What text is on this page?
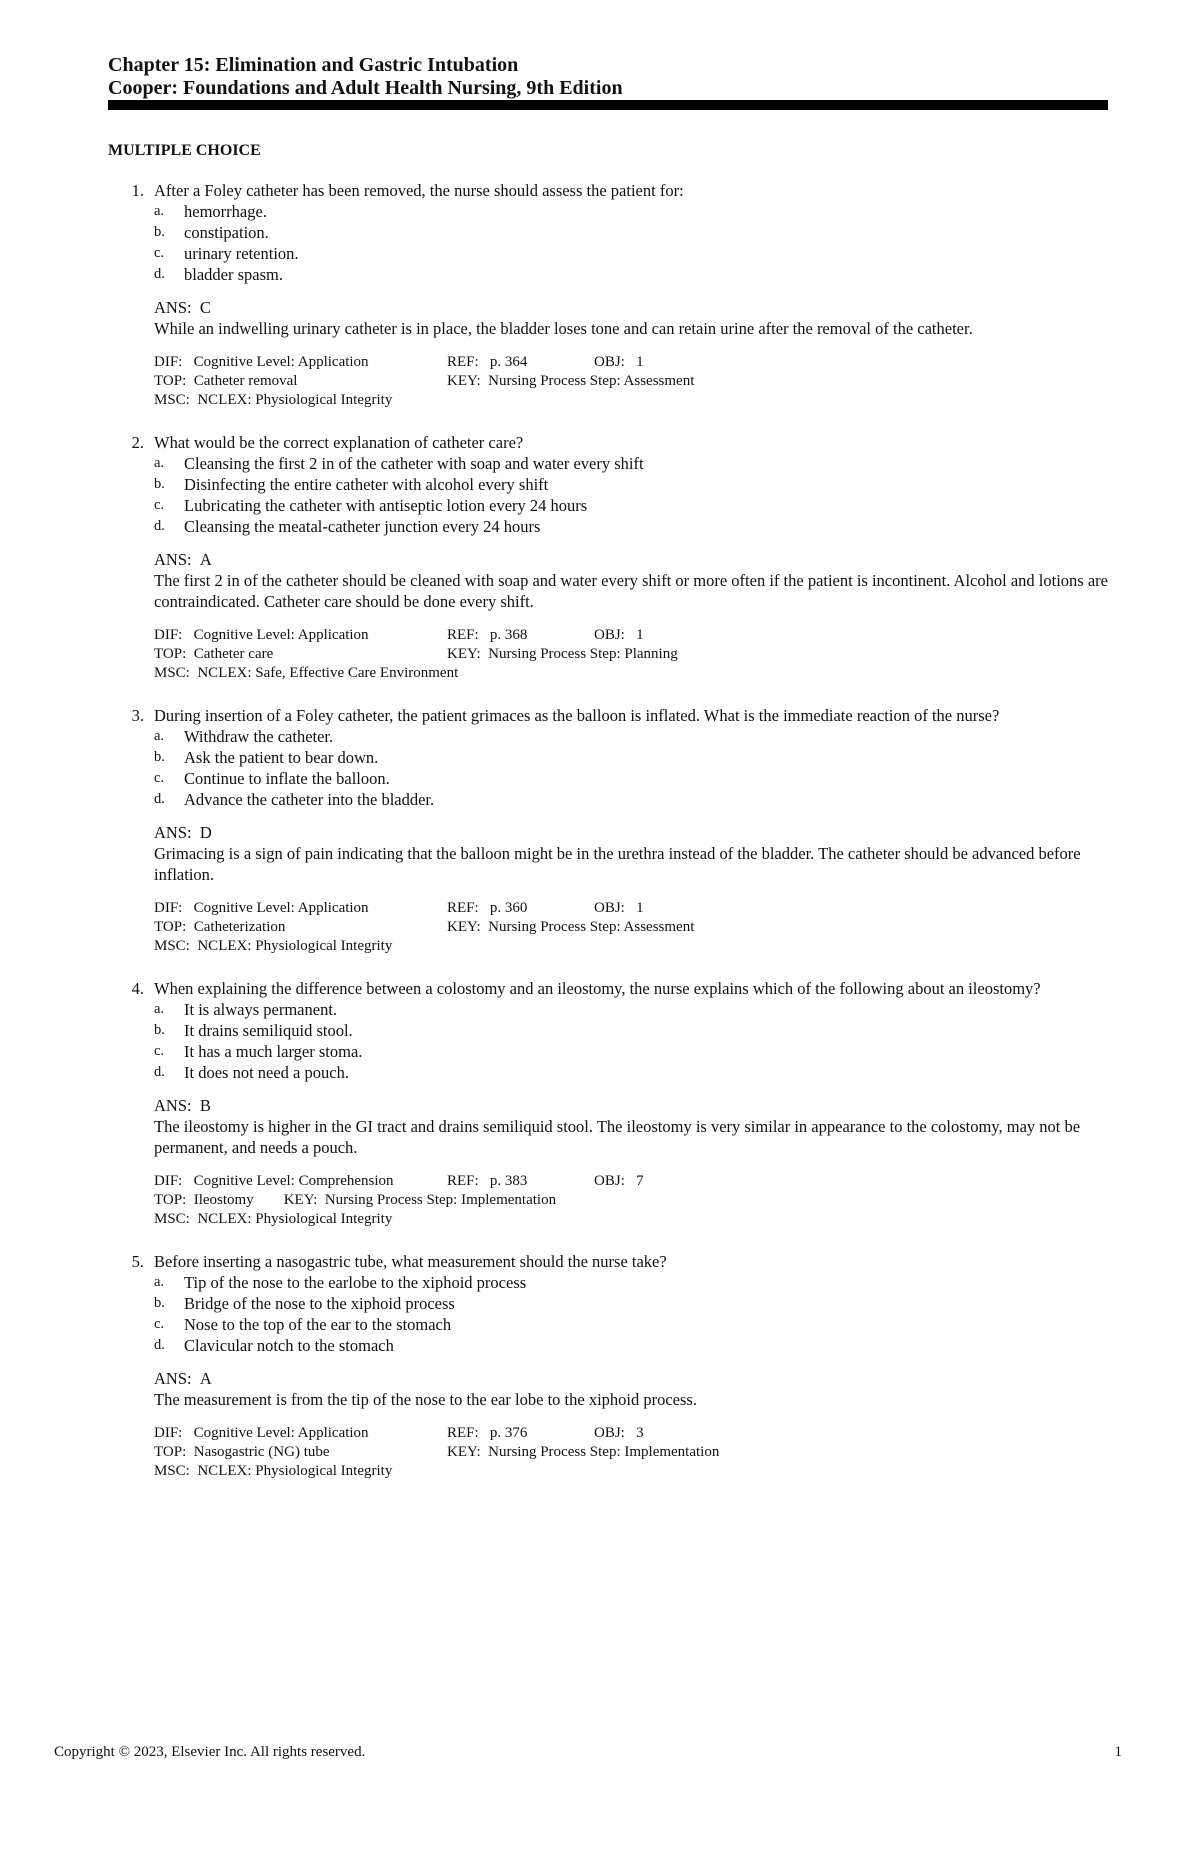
Chapter 15: Elimination and Gastric Intubation
Cooper: Foundations and Adult Health Nursing, 9th Edition
MULTIPLE CHOICE
1. After a Foley catheter has been removed, the nurse should assess the patient for:
a.	hemorrhage.
b.	constipation.
c.	urinary retention.
d.	bladder spasm.
ANS:  C
While an indwelling urinary catheter is in place, the bladder loses tone and can retain urine after the removal of the catheter.
DIF:   Cognitive Level: Application	REF:   p. 364	OBJ:   1
TOP:  Catheter removal	KEY:  Nursing Process Step: Assessment
MSC:  NCLEX: Physiological Integrity
2. What would be the correct explanation of catheter care?
a.	Cleansing the first 2 in of the catheter with soap and water every shift
b.	Disinfecting the entire catheter with alcohol every shift
c.	Lubricating the catheter with antiseptic lotion every 24 hours
d.	Cleansing the meatal-catheter junction every 24 hours
ANS:  A
The first 2 in of the catheter should be cleaned with soap and water every shift or more often if the patient is incontinent. Alcohol and lotions are contraindicated. Catheter care should be done every shift.
DIF:   Cognitive Level: Application	REF:   p. 368	OBJ:   1
TOP:  Catheter care	KEY:  Nursing Process Step: Planning
MSC:  NCLEX: Safe, Effective Care Environment
3. During insertion of a Foley catheter, the patient grimaces as the balloon is inflated. What is the immediate reaction of the nurse?
a.	Withdraw the catheter.
b.	Ask the patient to bear down.
c.	Continue to inflate the balloon.
d.	Advance the catheter into the bladder.
ANS:  D
Grimacing is a sign of pain indicating that the balloon might be in the urethra instead of the bladder. The catheter should be advanced before inflation.
DIF:   Cognitive Level: Application	REF:   p. 360	OBJ:   1
TOP:  Catheterization	KEY:  Nursing Process Step: Assessment
MSC:  NCLEX: Physiological Integrity
4. When explaining the difference between a colostomy and an ileostomy, the nurse explains which of the following about an ileostomy?
a.	It is always permanent.
b.	It drains semiliquid stool.
c.	It has a much larger stoma.
d.	It does not need a pouch.
ANS:  B
The ileostomy is higher in the GI tract and drains semiliquid stool. The ileostomy is very similar in appearance to the colostomy, may not be permanent, and needs a pouch.
DIF:   Cognitive Level: Comprehension	REF:   p. 383	OBJ:   7
TOP:  Ileostomy        KEY:  Nursing Process Step: Implementation
MSC:  NCLEX: Physiological Integrity
5. Before inserting a nasogastric tube, what measurement should the nurse take?
a.	Tip of the nose to the earlobe to the xiphoid process
b.	Bridge of the nose to the xiphoid process
c.	Nose to the top of the ear to the stomach
d.	Clavicular notch to the stomach
ANS:  A
The measurement is from the tip of the nose to the ear lobe to the xiphoid process.
DIF:   Cognitive Level: Application	REF:   p. 376	OBJ:   3
TOP:  Nasogastric (NG) tube	KEY:  Nursing Process Step: Implementation
MSC:  NCLEX: Physiological Integrity
Copyright © 2023, Elsevier Inc. All rights reserved.	1
